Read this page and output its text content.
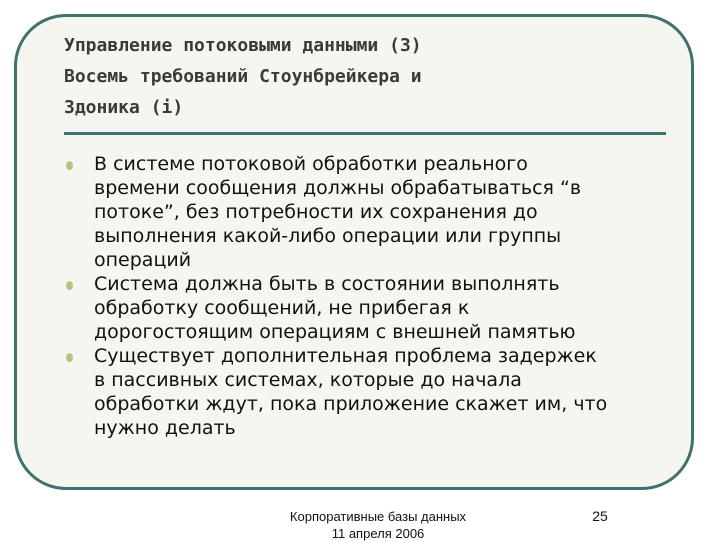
Управление потоковыми данными (3)
Восемь требований Стоунбрейкера и
Здоника (i)
В системе потоковой обработки реального
времени сообщения должны обрабатываться “в
потоке”, без потребности их сохранения до
выполнения какой-либо операции или группы
операций
Система должна быть в состоянии выполнять
обработку сообщений, не прибегая к
дорогостоящим операциям с внешней памятью
Существует дополнительная проблема задержек
в пассивных системах, которые до начала
обработки ждут, пока приложение скажет им, что
нужно делать
Корпоративные базы данных
11 апреля 2006
25
